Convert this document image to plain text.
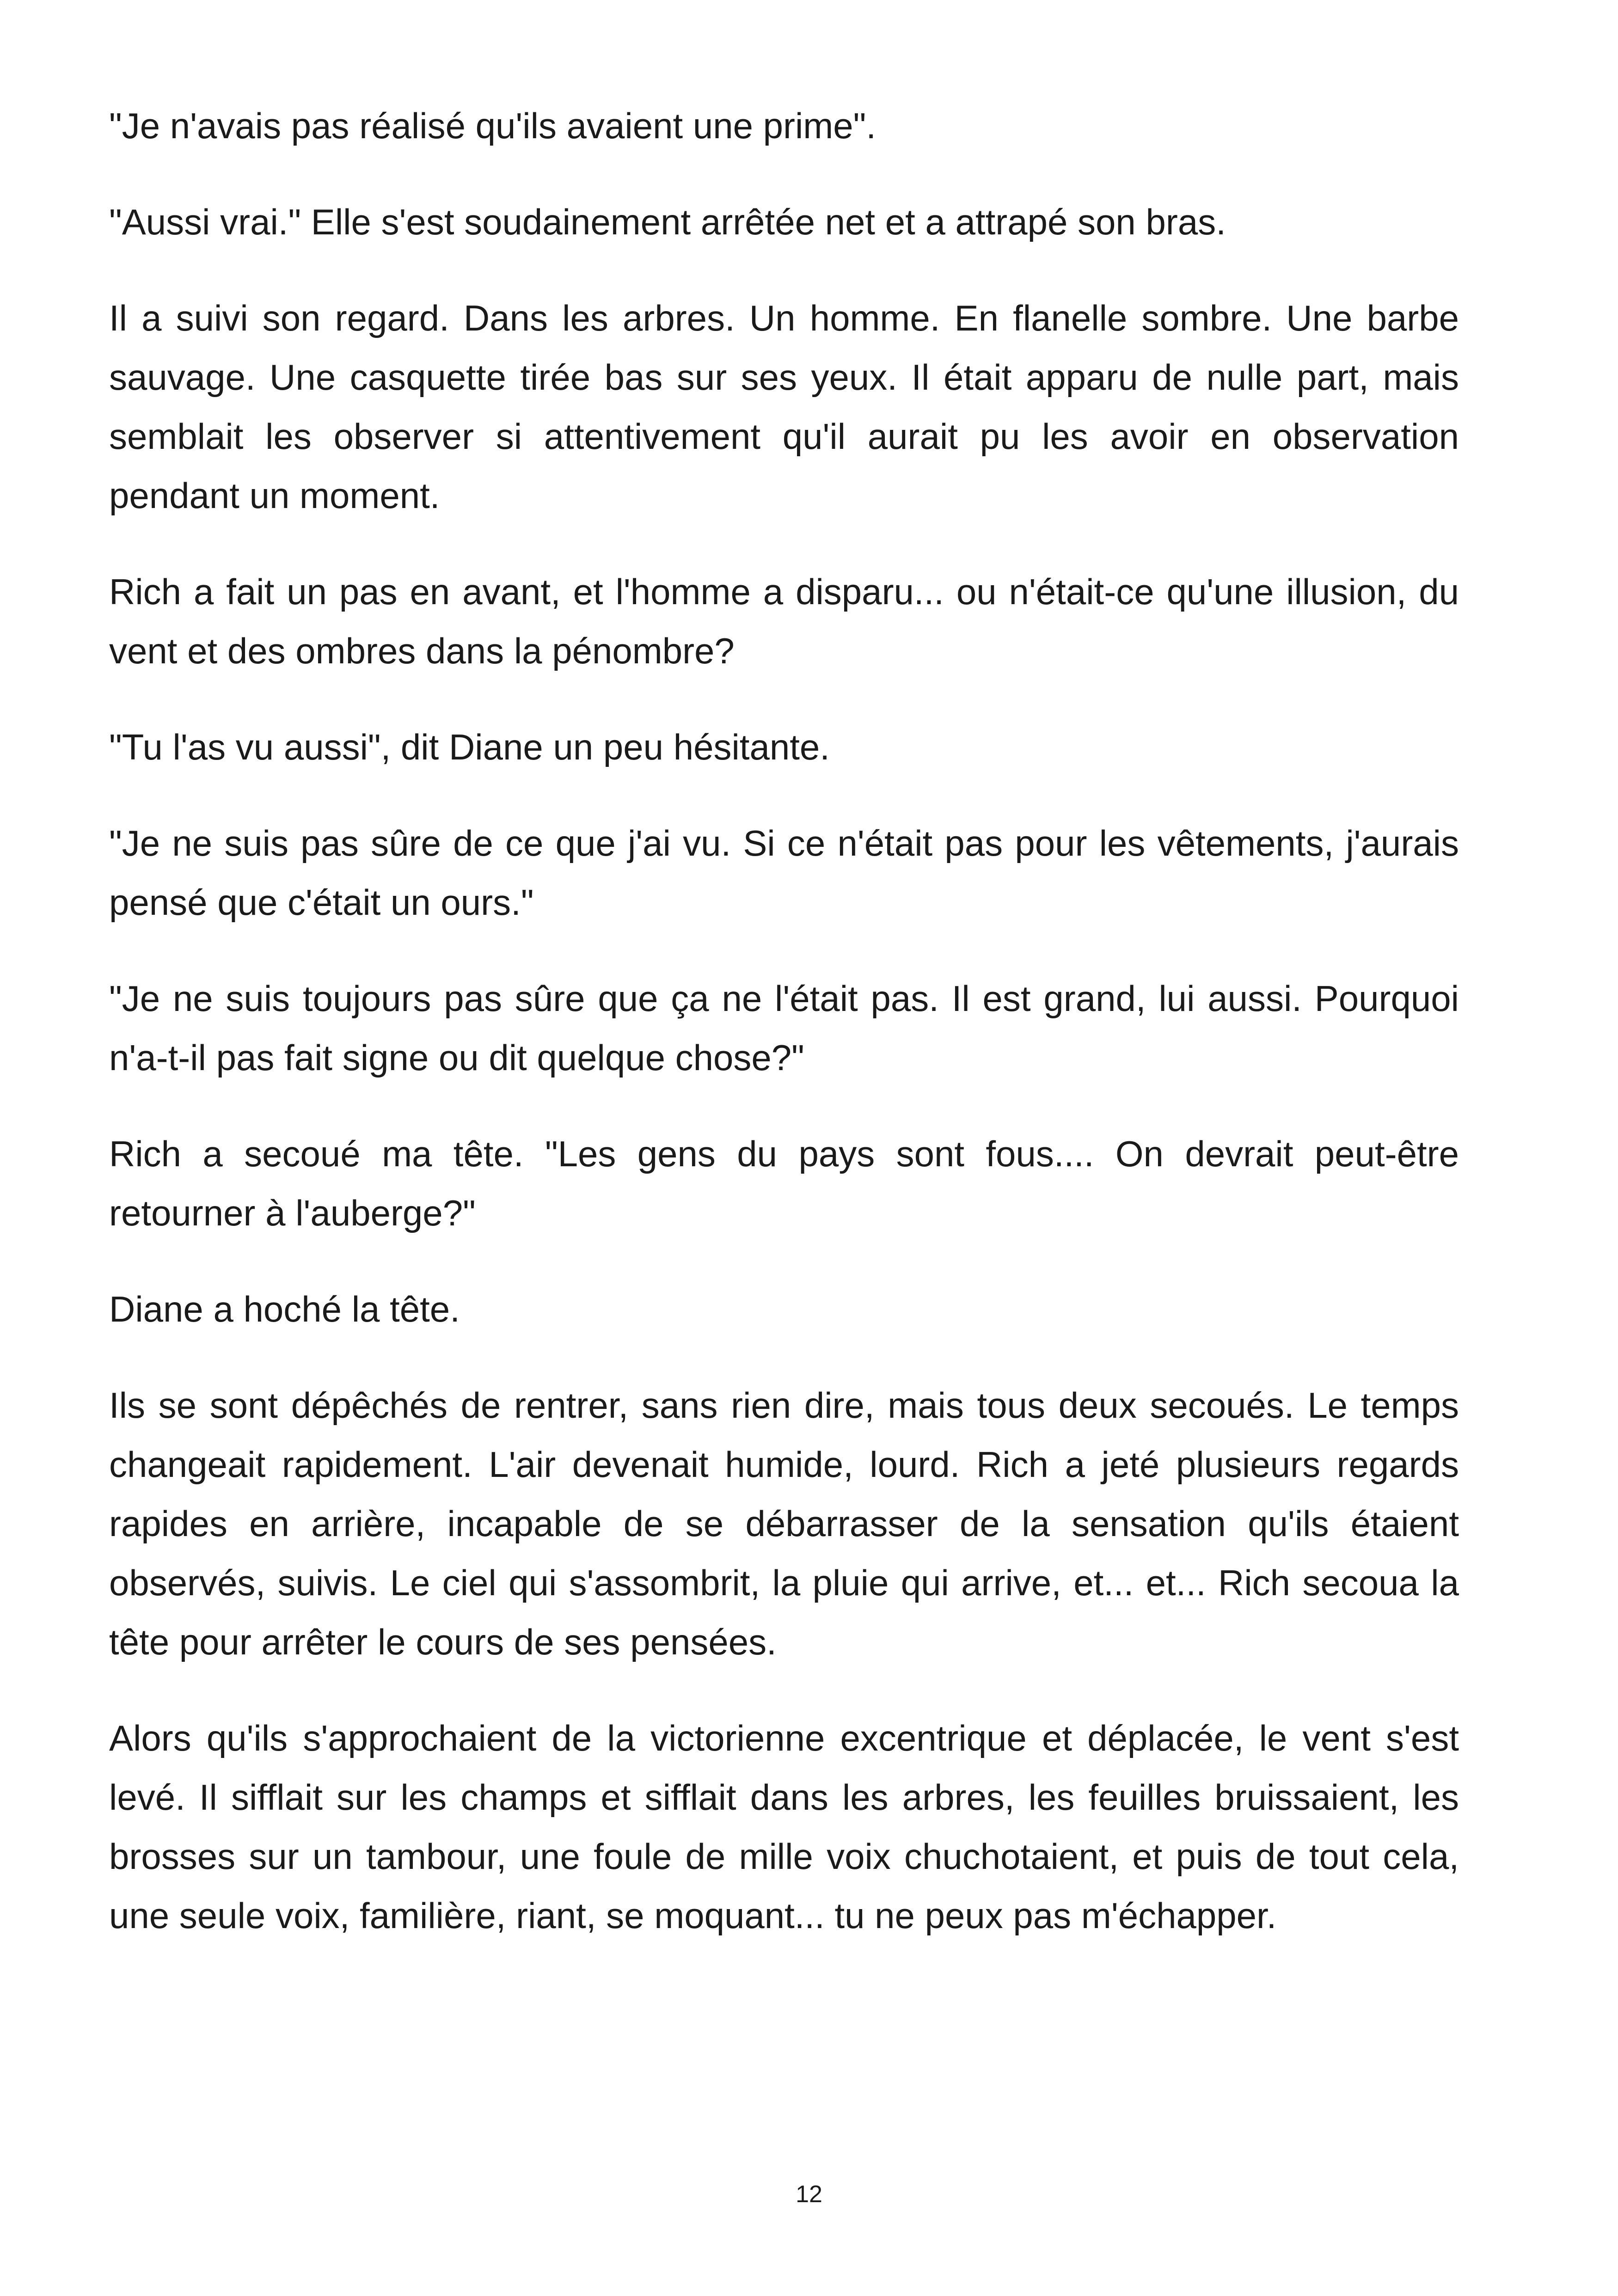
"Je n'avais pas réalisé qu'ils avaient une prime".

"Aussi vrai." Elle s'est soudainement arrêtée net et a attrapé son bras.

Il a suivi son regard. Dans les arbres. Un homme. En flanelle sombre. Une barbe sauvage. Une casquette tirée bas sur ses yeux. Il était apparu de nulle part, mais semblait les observer si attentivement qu'il aurait pu les avoir en observation pendant un moment.

Rich a fait un pas en avant, et l'homme a disparu... ou n'était-ce qu'une illusion, du vent et des ombres dans la pénombre?

"Tu l'as vu aussi", dit Diane un peu hésitante.

"Je ne suis pas sûre de ce que j'ai vu. Si ce n'était pas pour les vêtements, j'aurais pensé que c'était un ours."

"Je ne suis toujours pas sûre que ça ne l'était pas. Il est grand, lui aussi. Pourquoi n'a-t-il pas fait signe ou dit quelque chose?"

Rich a secoué ma tête. "Les gens du pays sont fous.... On devrait peut-être retourner à l'auberge?"

Diane a hoché la tête.

Ils se sont dépêchés de rentrer, sans rien dire, mais tous deux secoués. Le temps changeait rapidement. L'air devenait humide, lourd. Rich a jeté plusieurs regards rapides en arrière, incapable de se débarrasser de la sensation qu'ils étaient observés, suivis. Le ciel qui s'assombrit, la pluie qui arrive, et... et... Rich secoua la tête pour arrêter le cours de ses pensées.

Alors qu'ils s'approchaient de la victorienne excentrique et déplacée, le vent s'est levé. Il sifflait sur les champs et sifflait dans les arbres, les feuilles bruissaient, les brosses sur un tambour, une foule de mille voix chuchotaient, et puis de tout cela, une seule voix, familière, riant, se moquant... tu ne peux pas m'échapper.

12
